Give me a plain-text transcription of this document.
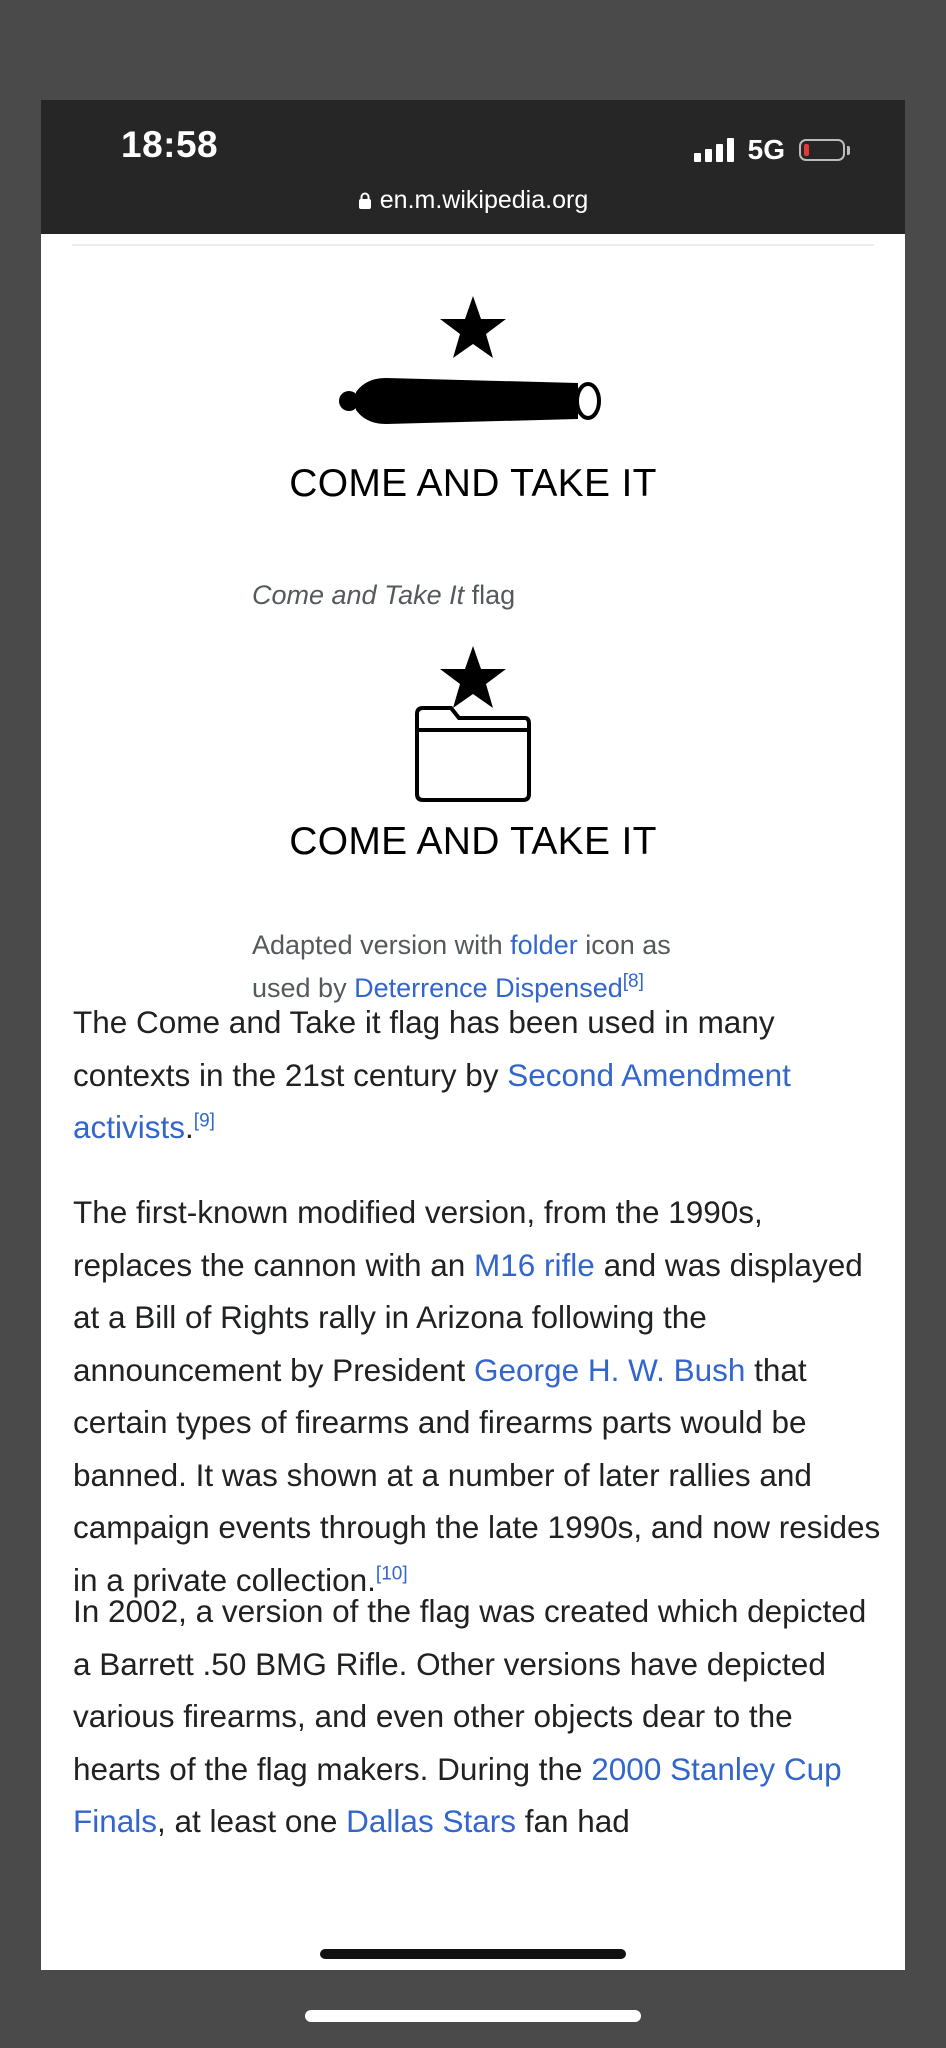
18:58	5G
en.m.wikipedia.org
COME AND TAKE IT
Come and Take It flag
COME AND TAKE IT
Adapted version with folder icon as used by Deterrence Dispensed[8]
The Come and Take it flag has been used in many contexts in the 21st century by Second Amendment activists.[9]
The first-known modified version, from the 1990s, replaces the cannon with an M16 rifle and was displayed at a Bill of Rights rally in Arizona following the announcement by President George H. W. Bush that certain types of firearms and firearms parts would be banned. It was shown at a number of later rallies and campaign events through the late 1990s, and now resides in a private collection.[10]
In 2002, a version of the flag was created which depicted a Barrett .50 BMG Rifle. Other versions have depicted various firearms, and even other objects dear to the hearts of the flag makers. During the 2000 Stanley Cup Finals, at least one Dallas Stars fan had
